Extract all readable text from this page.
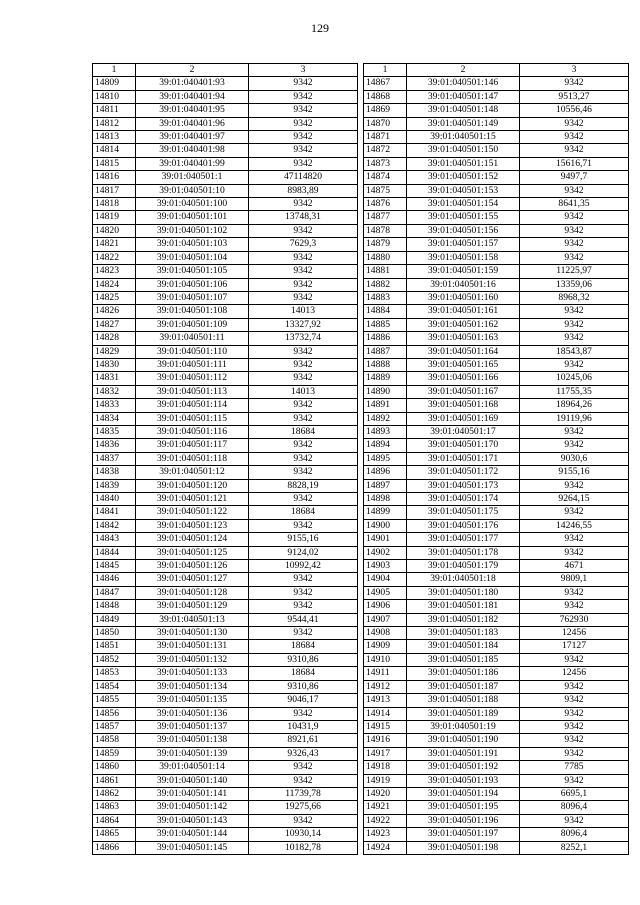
129
1	2	3
14809	39:01:040401:93	9342
14810	39:01:040401:94	9342
14811	39:01:040401:95	9342
14812	39:01:040401:96	9342
14813	39:01:040401:97	9342
14814	39:01:040401:98	9342
14815	39:01:040401:99	9342
14816	39:01:040501:1	47114820
14817	39:01:040501:10	8983,89
14818	39:01:040501:100	9342
14819	39:01:040501:101	13748,31
14820	39:01:040501:102	9342
14821	39:01:040501:103	7629,3
14822	39:01:040501:104	9342
14823	39:01:040501:105	9342
14824	39:01:040501:106	9342
14825	39:01:040501:107	9342
14826	39:01:040501:108	14013
14827	39:01:040501:109	13327,92
14828	39:01:040501:11	13732,74
14829	39:01:040501:110	9342
14830	39:01:040501:111	9342
14831	39:01:040501:112	9342
14832	39:01:040501:113	14013
14833	39:01:040501:114	9342
14834	39:01:040501:115	9342
14835	39:01:040501:116	18684
14836	39:01:040501:117	9342
14837	39:01:040501:118	9342
14838	39:01:040501:12	9342
14839	39:01:040501:120	8828,19
14840	39:01:040501:121	9342
14841	39:01:040501:122	18684
14842	39:01:040501:123	9342
14843	39:01:040501:124	9155,16
14844	39:01:040501:125	9124,02
14845	39:01:040501:126	10992,42
14846	39:01:040501:127	9342
14847	39:01:040501:128	9342
14848	39:01:040501:129	9342
14849	39:01:040501:13	9544,41
14850	39:01:040501:130	9342
14851	39:01:040501:131	18684
14852	39:01:040501:132	9310,86
14853	39:01:040501:133	18684
14854	39:01:040501:134	9310,86
14855	39:01:040501:135	9046,17
14856	39:01:040501:136	9342
14857	39:01:040501:137	10431,9
14858	39:01:040501:138	8921,61
14859	39:01:040501:139	9326,43
14860	39:01:040501:14	9342
14861	39:01:040501:140	9342
14862	39:01:040501:141	11739,78
14863	39:01:040501:142	19275,66
14864	39:01:040501:143	9342
14865	39:01:040501:144	10930,14
14866	39:01:040501:145	10182,78
1	2	3
14867	39:01:040501:146	9342
14868	39:01:040501:147	9513,27
14869	39:01:040501:148	10556,46
14870	39:01:040501:149	9342
14871	39:01:040501:15	9342
14872	39:01:040501:150	9342
14873	39:01:040501:151	15616,71
14874	39:01:040501:152	9497,7
14875	39:01:040501:153	9342
14876	39:01:040501:154	8641,35
14877	39:01:040501:155	9342
14878	39:01:040501:156	9342
14879	39:01:040501:157	9342
14880	39:01:040501:158	9342
14881	39:01:040501:159	11225,97
14882	39:01:040501:16	13359,06
14883	39:01:040501:160	8968,32
14884	39:01:040501:161	9342
14885	39:01:040501:162	9342
14886	39:01:040501:163	9342
14887	39:01:040501:164	18543,87
14888	39:01:040501:165	9342
14889	39:01:040501:166	10245,06
14890	39:01:040501:167	11755,35
14891	39:01:040501:168	18964,26
14892	39:01:040501:169	19119,96
14893	39:01:040501:17	9342
14894	39:01:040501:170	9342
14895	39:01:040501:171	9030,6
14896	39:01:040501:172	9155,16
14897	39:01:040501:173	9342
14898	39:01:040501:174	9264,15
14899	39:01:040501:175	9342
14900	39:01:040501:176	14246,55
14901	39:01:040501:177	9342
14902	39:01:040501:178	9342
14903	39:01:040501:179	4671
14904	39:01:040501:18	9809,1
14905	39:01:040501:180	9342
14906	39:01:040501:181	9342
14907	39:01:040501:182	762930
14908	39:01:040501:183	12456
14909	39:01:040501:184	17127
14910	39:01:040501:185	9342
14911	39:01:040501:186	12456
14912	39:01:040501:187	9342
14913	39:01:040501:188	9342
14914	39:01:040501:189	9342
14915	39:01:040501:19	9342
14916	39:01:040501:190	9342
14917	39:01:040501:191	9342
14918	39:01:040501:192	7785
14919	39:01:040501:193	9342
14920	39:01:040501:194	6695,1
14921	39:01:040501:195	8096,4
14922	39:01:040501:196	9342
14923	39:01:040501:197	8096,4
14924	39:01:040501:198	8252,1
